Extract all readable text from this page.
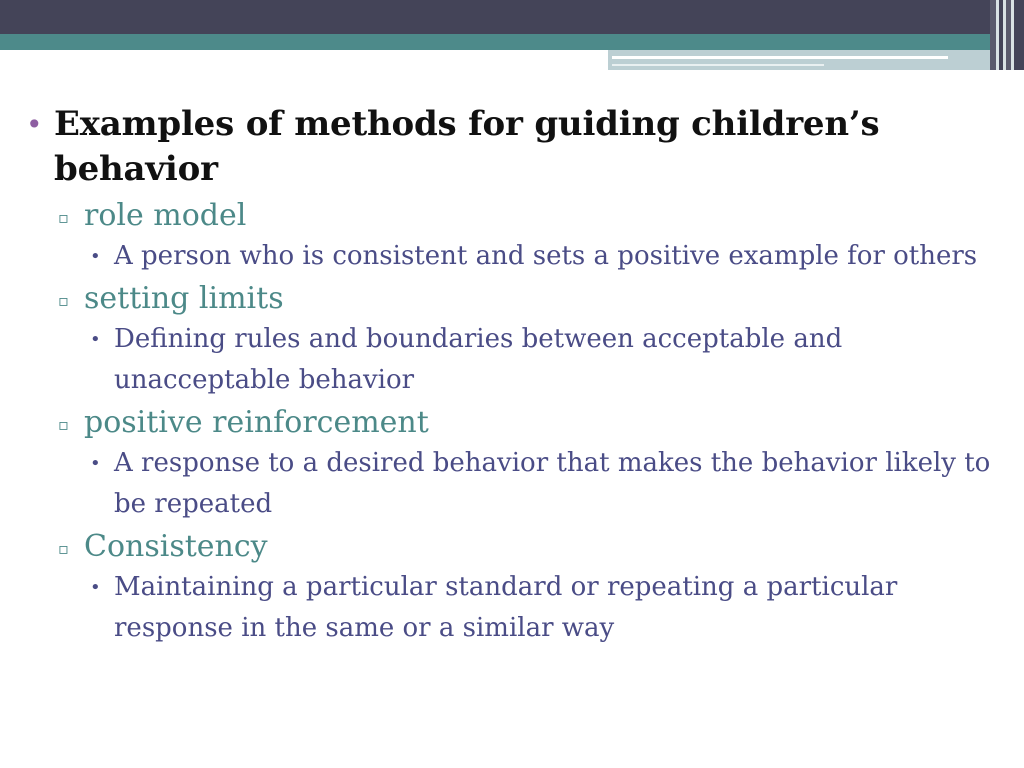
• Examples of methods for guiding children’s behavior
▫ role model
• A person who is consistent and sets a positive example for others
▫ setting limits
• Defining rules and boundaries between acceptable and unacceptable behavior
▫ positive reinforcement
• A response to a desired behavior that makes the behavior likely to be repeated
▫ Consistency
• Maintaining a particular standard or repeating a particular response in the same or a similar way
